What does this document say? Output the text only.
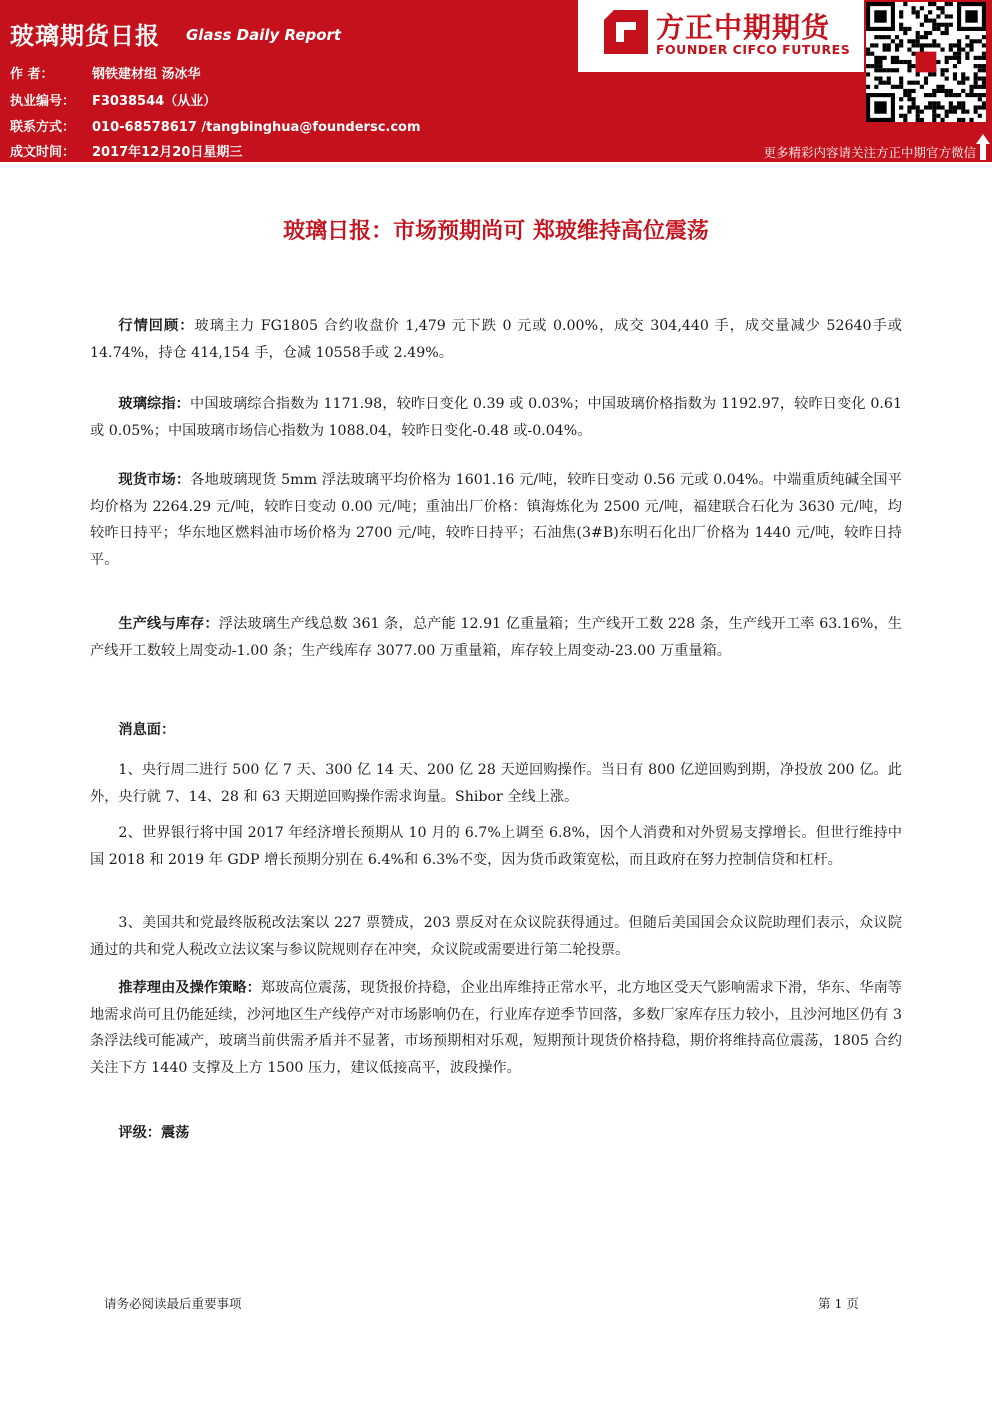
玻璃期货日报 Glass Daily Report
作 者：	钢铁建材组 汤冰华
执业编号： F3038544（从业）
联系方式： 010-68578617 /tangbinghua@foundersc.com
成文时间： 2017年12月20日星期三
方正中期期货
FOUNDER CIFCO FUTURES
更多精彩内容请关注方正中期官方微信
玻璃日报：市场预期尚可 郑玻维持高位震荡

行情回顾：玻璃主力 FG1805 合约收盘价 1,479 元下跌 0 元或 0.00%，成交 304,440 手，成交量减少 52640手或 14.74%，持仓 414,154 手，仓减 10558手或 2.49%。

玻璃综指：中国玻璃综合指数为 1171.98，较昨日变化 0.39 或 0.03%；中国玻璃价格指数为 1192.97，较昨日变化 0.61 或 0.05%；中国玻璃市场信心指数为 1088.04，较昨日变化-0.48 或-0.04%。

现货市场：各地玻璃现货 5mm 浮法玻璃平均价格为 1601.16 元/吨，较昨日变动 0.56 元或 0.04%。中端重质纯碱全国平均价格为 2264.29 元/吨，较昨日变动 0.00 元/吨；重油出厂价格：镇海炼化为 2500 元/吨，福建联合石化为 3630 元/吨，均较昨日持平；华东地区燃料油市场价格为 2700 元/吨，较昨日持平；石油焦(3#B)东明石化出厂价格为 1440 元/吨，较昨日持平。

生产线与库存：浮法玻璃生产线总数 361 条，总产能 12.91 亿重量箱；生产线开工数 228 条，生产线开工率 63.16%，生产线开工数较上周变动-1.00 条；生产线库存 3077.00 万重量箱，库存较上周变动-23.00 万重量箱。

消息面：

1、央行周二进行 500 亿 7 天、300 亿 14 天、200 亿 28 天逆回购操作。当日有 800 亿逆回购到期，净投放 200 亿。此外，央行就 7、14、28 和 63 天期逆回购操作需求询量。Shibor 全线上涨。

2、世界银行将中国 2017 年经济增长预期从 10 月的 6.7%上调至 6.8%，因个人消费和对外贸易支撑增长。但世行维持中国 2018 和 2019 年 GDP 增长预期分别在 6.4%和 6.3%不变，因为货币政策宽松，而且政府在努力控制信贷和杠杆。

3、美国共和党最终版税改法案以 227 票赞成，203 票反对在众议院获得通过。但随后美国国会众议院助理们表示，众议院通过的共和党人税改立法议案与参议院规则存在冲突，众议院或需要进行第二轮投票。

推荐理由及操作策略：郑玻高位震荡，现货报价持稳，企业出库维持正常水平，北方地区受天气影响需求下滑，华东、华南等地需求尚可且仍能延续，沙河地区生产线停产对市场影响仍在，行业库存逆季节回落，多数厂家库存压力较小，且沙河地区仍有 3 条浮法线可能减产，玻璃当前供需矛盾并不显著，市场预期相对乐观，短期预计现货价格持稳，期价将维持高位震荡，1805 合约关注下方 1440 支撑及上方 1500 压力，建议低接高平，波段操作。

评级：震荡

请务必阅读最后重要事项	第 1 页
